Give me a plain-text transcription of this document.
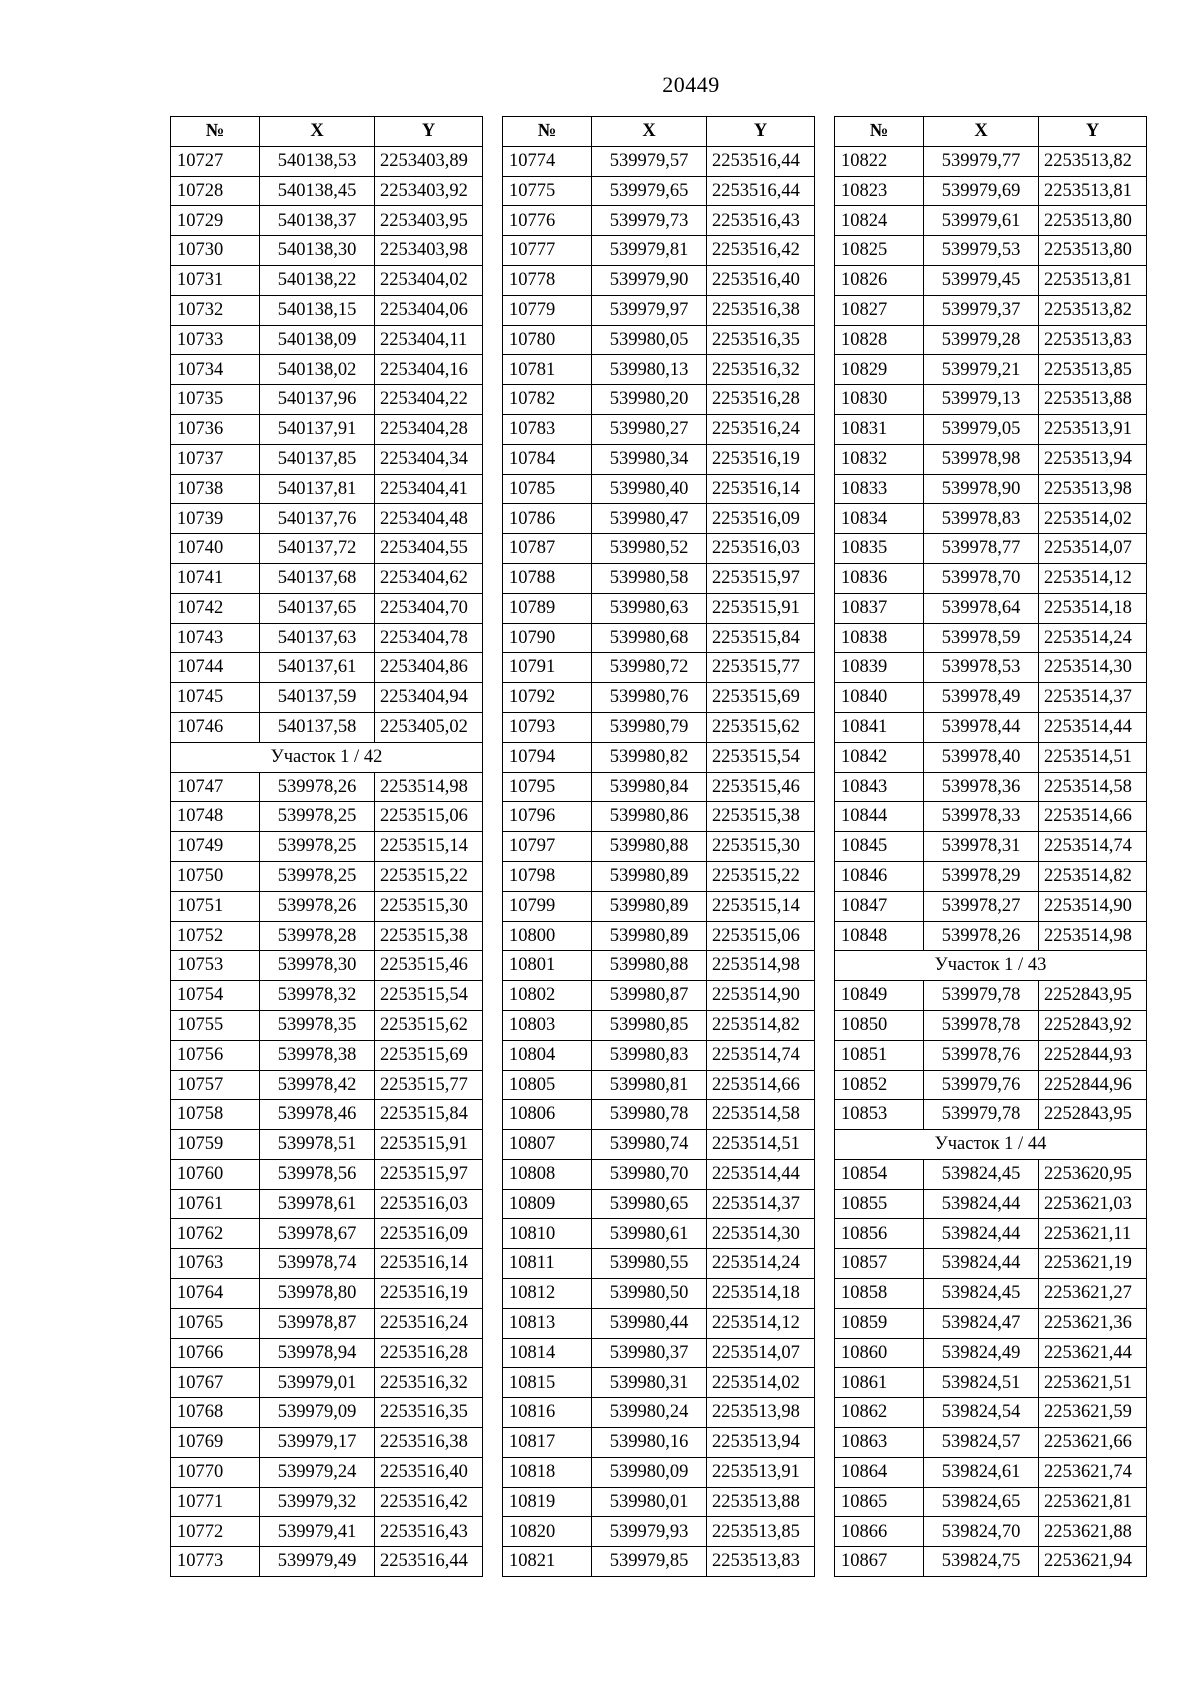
20449
№	X	Y
10727	540138,53	2253403,89
10728	540138,45	2253403,92
10729	540138,37	2253403,95
10730	540138,30	2253403,98
10731	540138,22	2253404,02
10732	540138,15	2253404,06
10733	540138,09	2253404,11
10734	540138,02	2253404,16
10735	540137,96	2253404,22
10736	540137,91	2253404,28
10737	540137,85	2253404,34
10738	540137,81	2253404,41
10739	540137,76	2253404,48
10740	540137,72	2253404,55
10741	540137,68	2253404,62
10742	540137,65	2253404,70
10743	540137,63	2253404,78
10744	540137,61	2253404,86
10745	540137,59	2253404,94
10746	540137,58	2253405,02
Участок 1 / 42		
10747	539978,26	2253514,98
10748	539978,25	2253515,06
10749	539978,25	2253515,14
10750	539978,25	2253515,22
10751	539978,26	2253515,30
10752	539978,28	2253515,38
10753	539978,30	2253515,46
10754	539978,32	2253515,54
10755	539978,35	2253515,62
10756	539978,38	2253515,69
10757	539978,42	2253515,77
10758	539978,46	2253515,84
10759	539978,51	2253515,91
10760	539978,56	2253515,97
10761	539978,61	2253516,03
10762	539978,67	2253516,09
10763	539978,74	2253516,14
10764	539978,80	2253516,19
10765	539978,87	2253516,24
10766	539978,94	2253516,28
10767	539979,01	2253516,32
10768	539979,09	2253516,35
10769	539979,17	2253516,38
10770	539979,24	2253516,40
10771	539979,32	2253516,42
10772	539979,41	2253516,43
10773	539979,49	2253516,44
№	X	Y
10774	539979,57	2253516,44
10775	539979,65	2253516,44
10776	539979,73	2253516,43
10777	539979,81	2253516,42
10778	539979,90	2253516,40
10779	539979,97	2253516,38
10780	539980,05	2253516,35
10781	539980,13	2253516,32
10782	539980,20	2253516,28
10783	539980,27	2253516,24
10784	539980,34	2253516,19
10785	539980,40	2253516,14
10786	539980,47	2253516,09
10787	539980,52	2253516,03
10788	539980,58	2253515,97
10789	539980,63	2253515,91
10790	539980,68	2253515,84
10791	539980,72	2253515,77
10792	539980,76	2253515,69
10793	539980,79	2253515,62
10794	539980,82	2253515,54
10795	539980,84	2253515,46
10796	539980,86	2253515,38
10797	539980,88	2253515,30
10798	539980,89	2253515,22
10799	539980,89	2253515,14
10800	539980,89	2253515,06
10801	539980,88	2253514,98
10802	539980,87	2253514,90
10803	539980,85	2253514,82
10804	539980,83	2253514,74
10805	539980,81	2253514,66
10806	539980,78	2253514,58
10807	539980,74	2253514,51
10808	539980,70	2253514,44
10809	539980,65	2253514,37
10810	539980,61	2253514,30
10811	539980,55	2253514,24
10812	539980,50	2253514,18
10813	539980,44	2253514,12
10814	539980,37	2253514,07
10815	539980,31	2253514,02
10816	539980,24	2253513,98
10817	539980,16	2253513,94
10818	539980,09	2253513,91
10819	539980,01	2253513,88
10820	539979,93	2253513,85
10821	539979,85	2253513,83
№	X	Y
10822	539979,77	2253513,82
10823	539979,69	2253513,81
10824	539979,61	2253513,80
10825	539979,53	2253513,80
10826	539979,45	2253513,81
10827	539979,37	2253513,82
10828	539979,28	2253513,83
10829	539979,21	2253513,85
10830	539979,13	2253513,88
10831	539979,05	2253513,91
10832	539978,98	2253513,94
10833	539978,90	2253513,98
10834	539978,83	2253514,02
10835	539978,77	2253514,07
10836	539978,70	2253514,12
10837	539978,64	2253514,18
10838	539978,59	2253514,24
10839	539978,53	2253514,30
10840	539978,49	2253514,37
10841	539978,44	2253514,44
10842	539978,40	2253514,51
10843	539978,36	2253514,58
10844	539978,33	2253514,66
10845	539978,31	2253514,74
10846	539978,29	2253514,82
10847	539978,27	2253514,90
10848	539978,26	2253514,98
Участок 1 / 43		
10849	539979,78	2252843,95
10850	539978,78	2252843,92
10851	539978,76	2252844,93
10852	539979,76	2252844,96
10853	539979,78	2252843,95
Участок 1 / 44		
10854	539824,45	2253620,95
10855	539824,44	2253621,03
10856	539824,44	2253621,11
10857	539824,44	2253621,19
10858	539824,45	2253621,27
10859	539824,47	2253621,36
10860	539824,49	2253621,44
10861	539824,51	2253621,51
10862	539824,54	2253621,59
10863	539824,57	2253621,66
10864	539824,61	2253621,74
10865	539824,65	2253621,81
10866	539824,70	2253621,88
10867	539824,75	2253621,94
